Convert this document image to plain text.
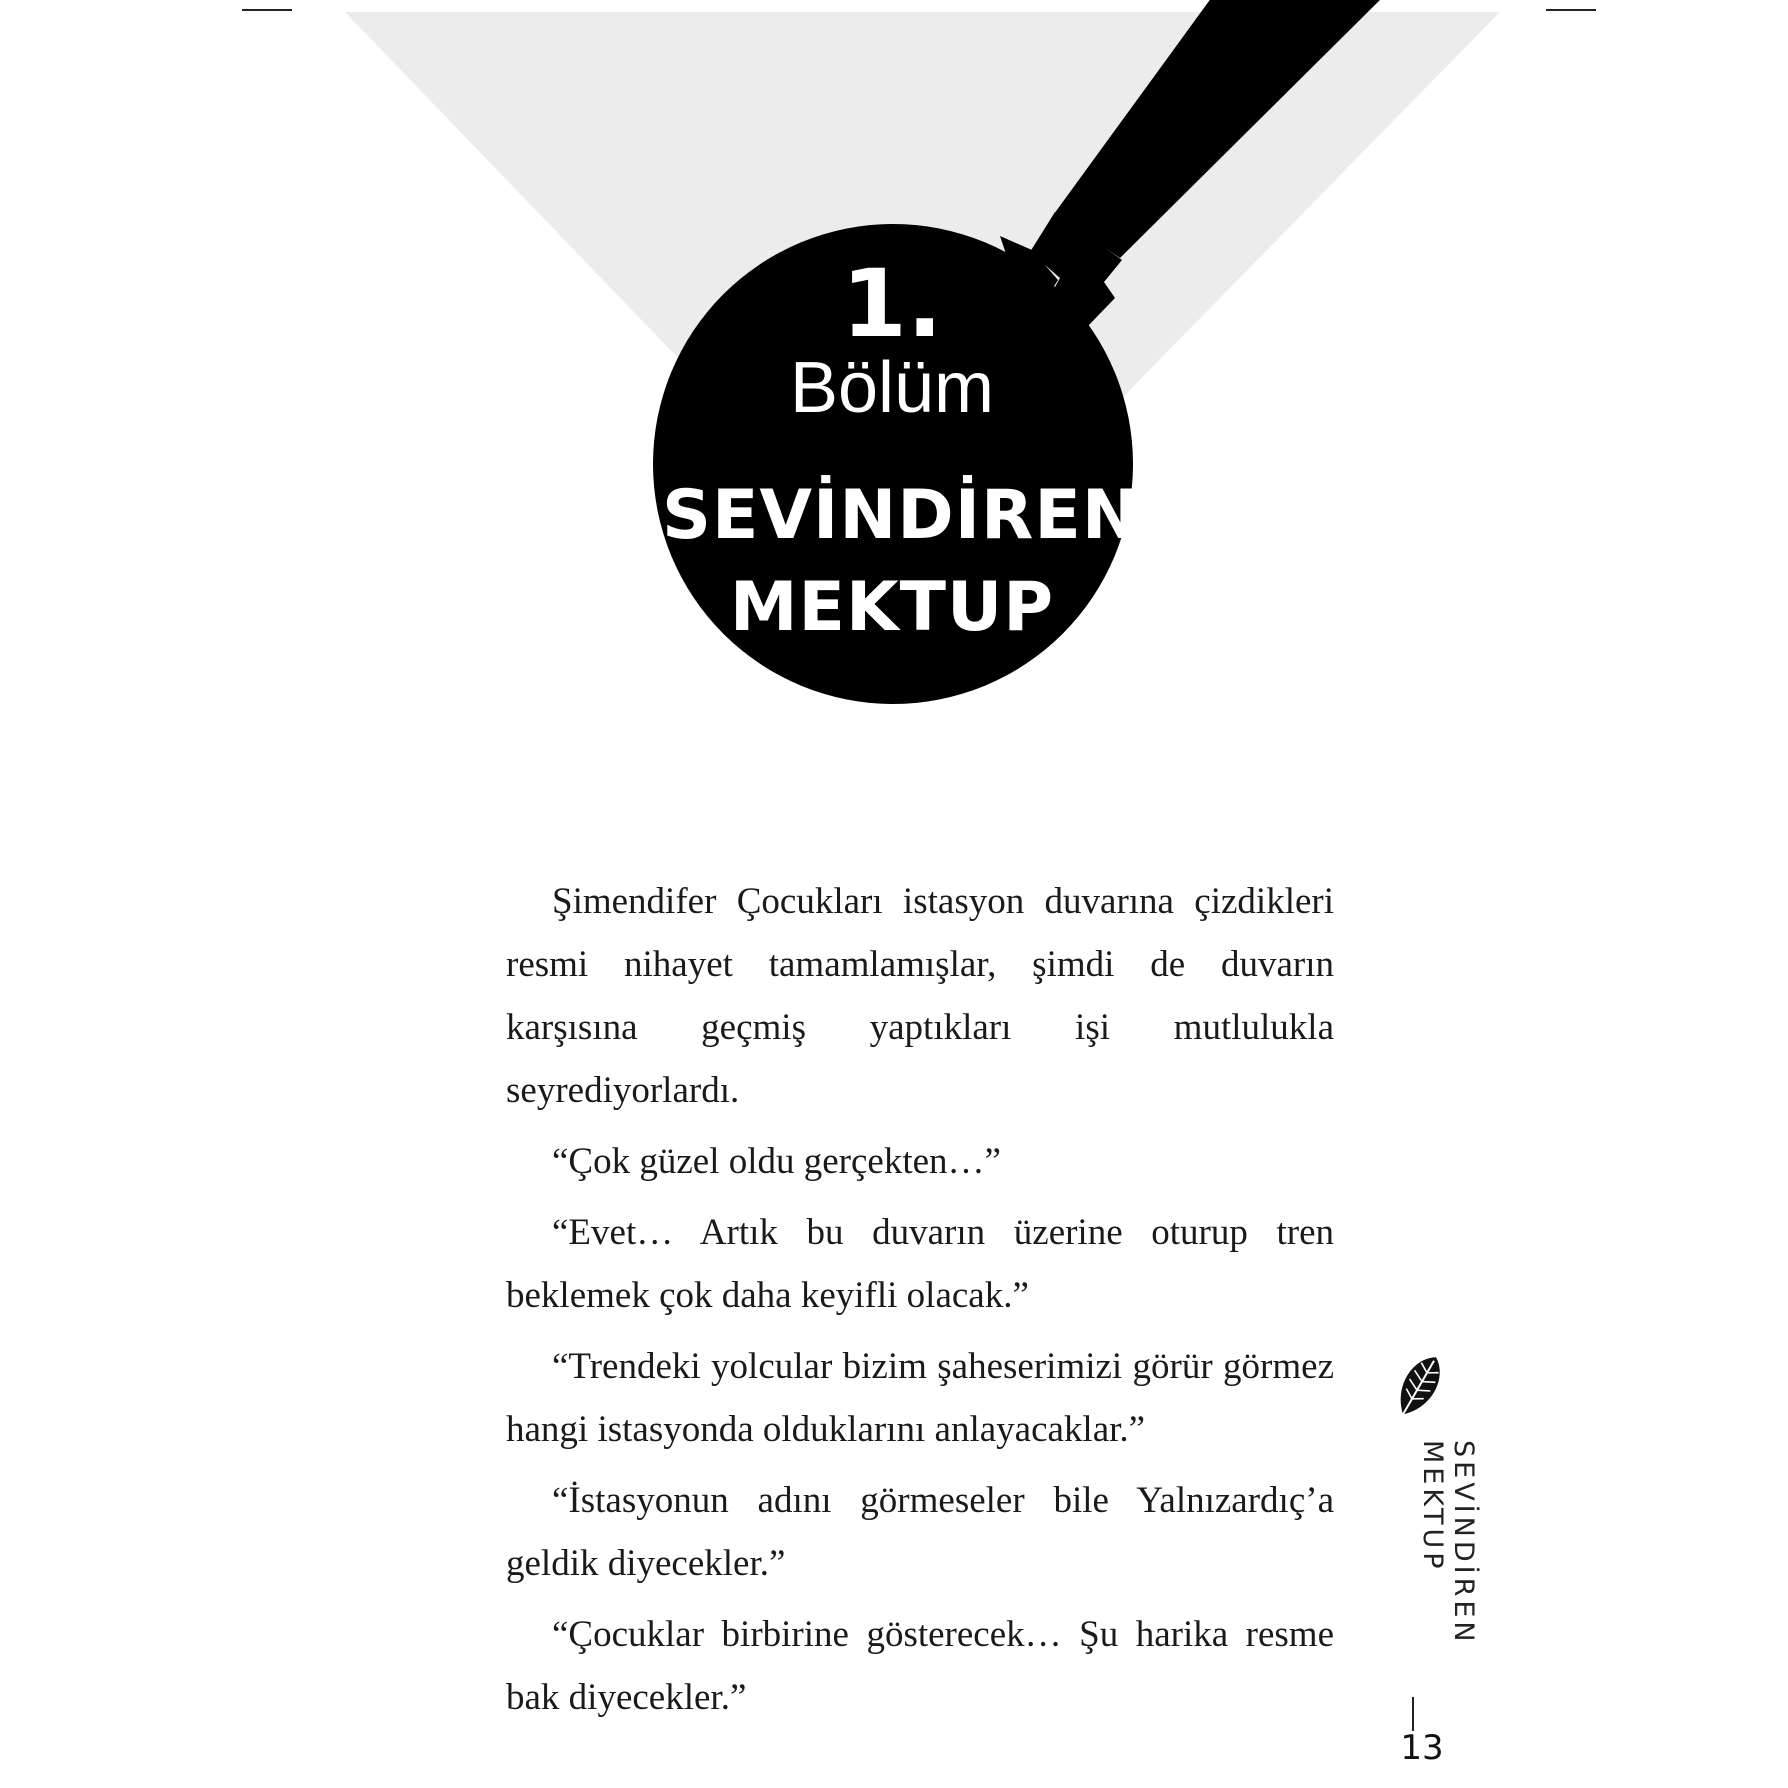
1.
Bölüm
SEVİNDİREN
MEKTUP

Şimendifer Çocukları istasyon duvarına çizdikleri resmi nihayet tamamlamışlar, şimdi de duvarın karşısına geçmiş yaptıkları işi mutlulukla seyrediyorlardı.

“Çok güzel oldu gerçekten…”

“Evet… Artık bu duvarın üzerine oturup tren beklemek çok daha keyifli olacak.”

“Trendeki yolcular bizim şaheserimizi görür görmez hangi istasyonda olduklarını anlayacaklar.”

“İstasyonun adını görmeseler bile Yalnızardıç’a geldik diyecekler.”

“Çocuklar birbirine gösterecek… Şu harika resme bak diyecekler.”

SEVİNDİREN MEKTUP
13
